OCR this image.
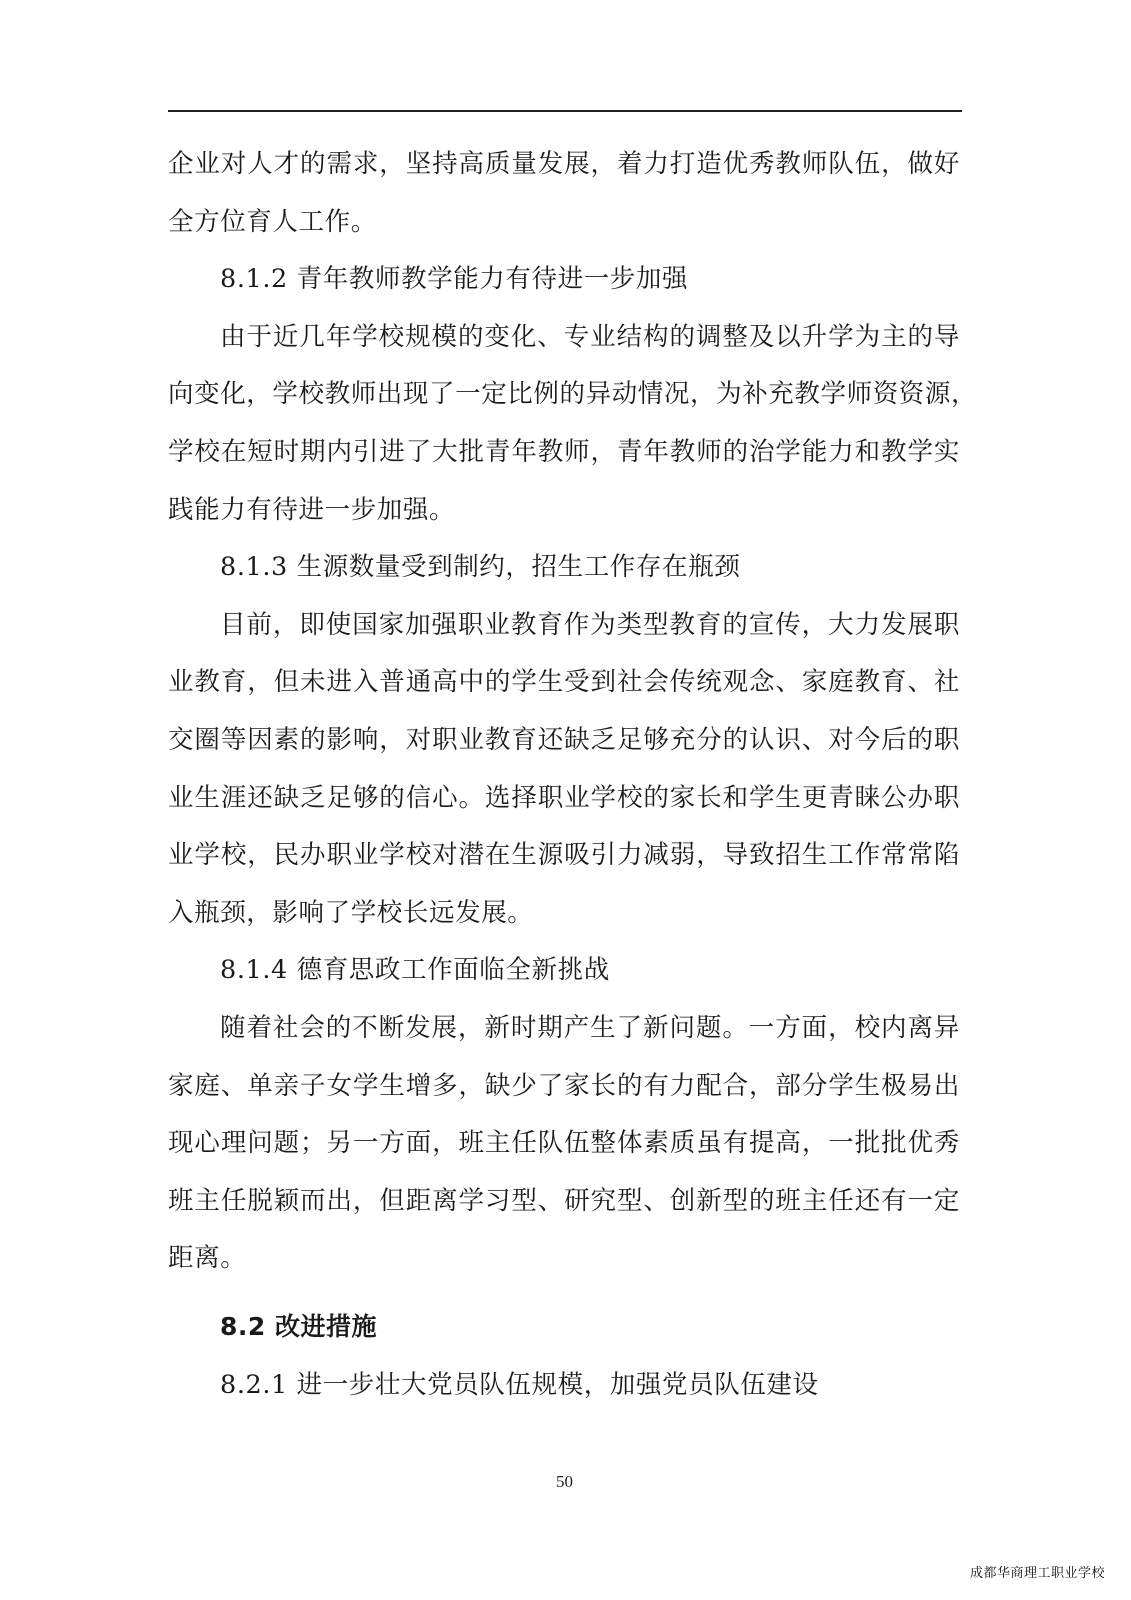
企业对人才的需求，坚持高质量发展，着力打造优秀教师队伍，做好
全方位育人工作。
8.1.2 青年教师教学能力有待进一步加强
由于近几年学校规模的变化、专业结构的调整及以升学为主的导
向变化，学校教师出现了一定比例的异动情况，为补充教学师资资源，
学校在短时期内引进了大批青年教师，青年教师的治学能力和教学实
践能力有待进一步加强。
8.1.3 生源数量受到制约，招生工作存在瓶颈
目前，即使国家加强职业教育作为类型教育的宣传，大力发展职
业教育，但未进入普通高中的学生受到社会传统观念、家庭教育、社
交圈等因素的影响，对职业教育还缺乏足够充分的认识、对今后的职
业生涯还缺乏足够的信心。选择职业学校的家长和学生更青睐公办职
业学校，民办职业学校对潜在生源吸引力减弱，导致招生工作常常陷
入瓶颈，影响了学校长远发展。
8.1.4 德育思政工作面临全新挑战
随着社会的不断发展，新时期产生了新问题。一方面，校内离异
家庭、单亲子女学生增多，缺少了家长的有力配合，部分学生极易出
现心理问题；另一方面，班主任队伍整体素质虽有提高，一批批优秀
班主任脱颖而出，但距离学习型、研究型、创新型的班主任还有一定
距离。
8.2 改进措施
8.2.1 进一步壮大党员队伍规模，加强党员队伍建设
50
成都华商理工职业学校
